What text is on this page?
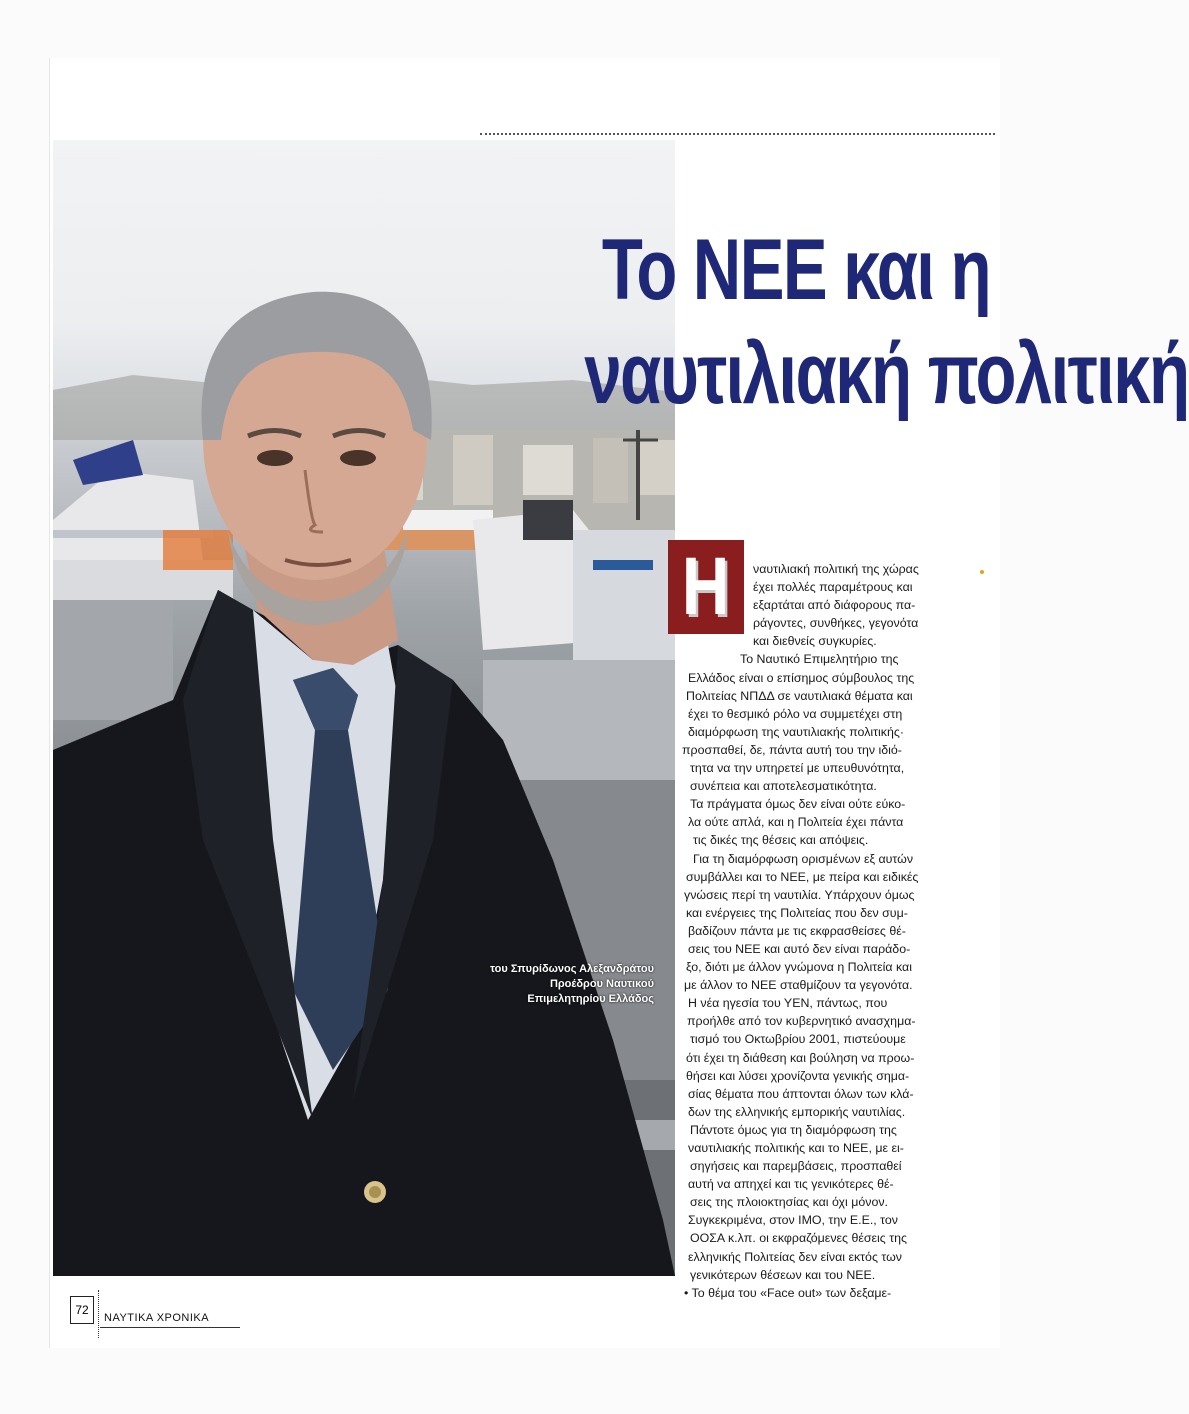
Το ΝΕΕ και η
ναυτιλιακή πολιτική
Η
του Σπυρίδωνος Αλεξανδράτου
Προέδρου Ναυτικού
Επιμελητηρίου Ελλάδος
ναυτιλιακή πολιτική της χώρας
έχει πολλές παραμέτρους και
εξαρτάται από διάφορους πα-
ράγοντες, συνθήκες, γεγονότα
και διεθνείς συγκυρίες.
Το Ναυτικό Επιμελητήριο της
Ελλάδος είναι ο επίσημος σύμβουλος της
Πολιτείας ΝΠΔΔ σε ναυτιλιακά θέματα και
έχει το θεσμικό ρόλο να συμμετέχει στη
διαμόρφωση της ναυτιλιακής πολιτικής·
προσπαθεί, δε, πάντα αυτή του την ιδιό-
τητα να την υπηρετεί με υπευθυνότητα,
συνέπεια και αποτελεσματικότητα.
Τα πράγματα όμως δεν είναι ούτε εύκο-
λα ούτε απλά, και η Πολιτεία έχει πάντα
τις δικές της θέσεις και απόψεις.
Για τη διαμόρφωση ορισμένων εξ αυτών
συμβάλλει και το ΝΕΕ, με πείρα και ειδικές
γνώσεις περί τη ναυτιλία. Υπάρχουν όμως
και ενέργειες της Πολιτείας που δεν συμ-
βαδίζουν πάντα με τις εκφρασθείσες θέ-
σεις του ΝΕΕ και αυτό δεν είναι παράδο-
ξο, διότι με άλλον γνώμονα η Πολιτεία και
με άλλον το ΝΕΕ σταθμίζουν τα γεγονότα.
Η νέα ηγεσία του ΥΕΝ, πάντως, που
προήλθε από τον κυβερνητικό ανασχημα-
τισμό του Οκτωβρίου 2001, πιστεύουμε
ότι έχει τη διάθεση και βούληση να προω-
θήσει και λύσει χρονίζοντα γενικής σημα-
σίας θέματα που άπτονται όλων των κλά-
δων της ελληνικής εμπορικής ναυτιλίας.
Πάντοτε όμως για τη διαμόρφωση της
ναυτιλιακής πολιτικής και το ΝΕΕ, με ει-
σηγήσεις και παρεμβάσεις, προσπαθεί
αυτή να απηχεί και τις γενικότερες θέ-
σεις της πλοιοκτησίας και όχι μόνον.
Συγκεκριμένα, στον ΙΜΟ, την Ε.Ε., τον
ΟΟΣΑ κ.λπ. οι εκφραζόμενες θέσεις της
ελληνικής Πολιτείας δεν είναι εκτός των
γενικότερων θέσεων και του ΝΕΕ.
• Το θέμα του «Face out» των δεξαμε-
72
ΝΑΥΤΙΚΑ ΧΡΟΝΙΚΑ
